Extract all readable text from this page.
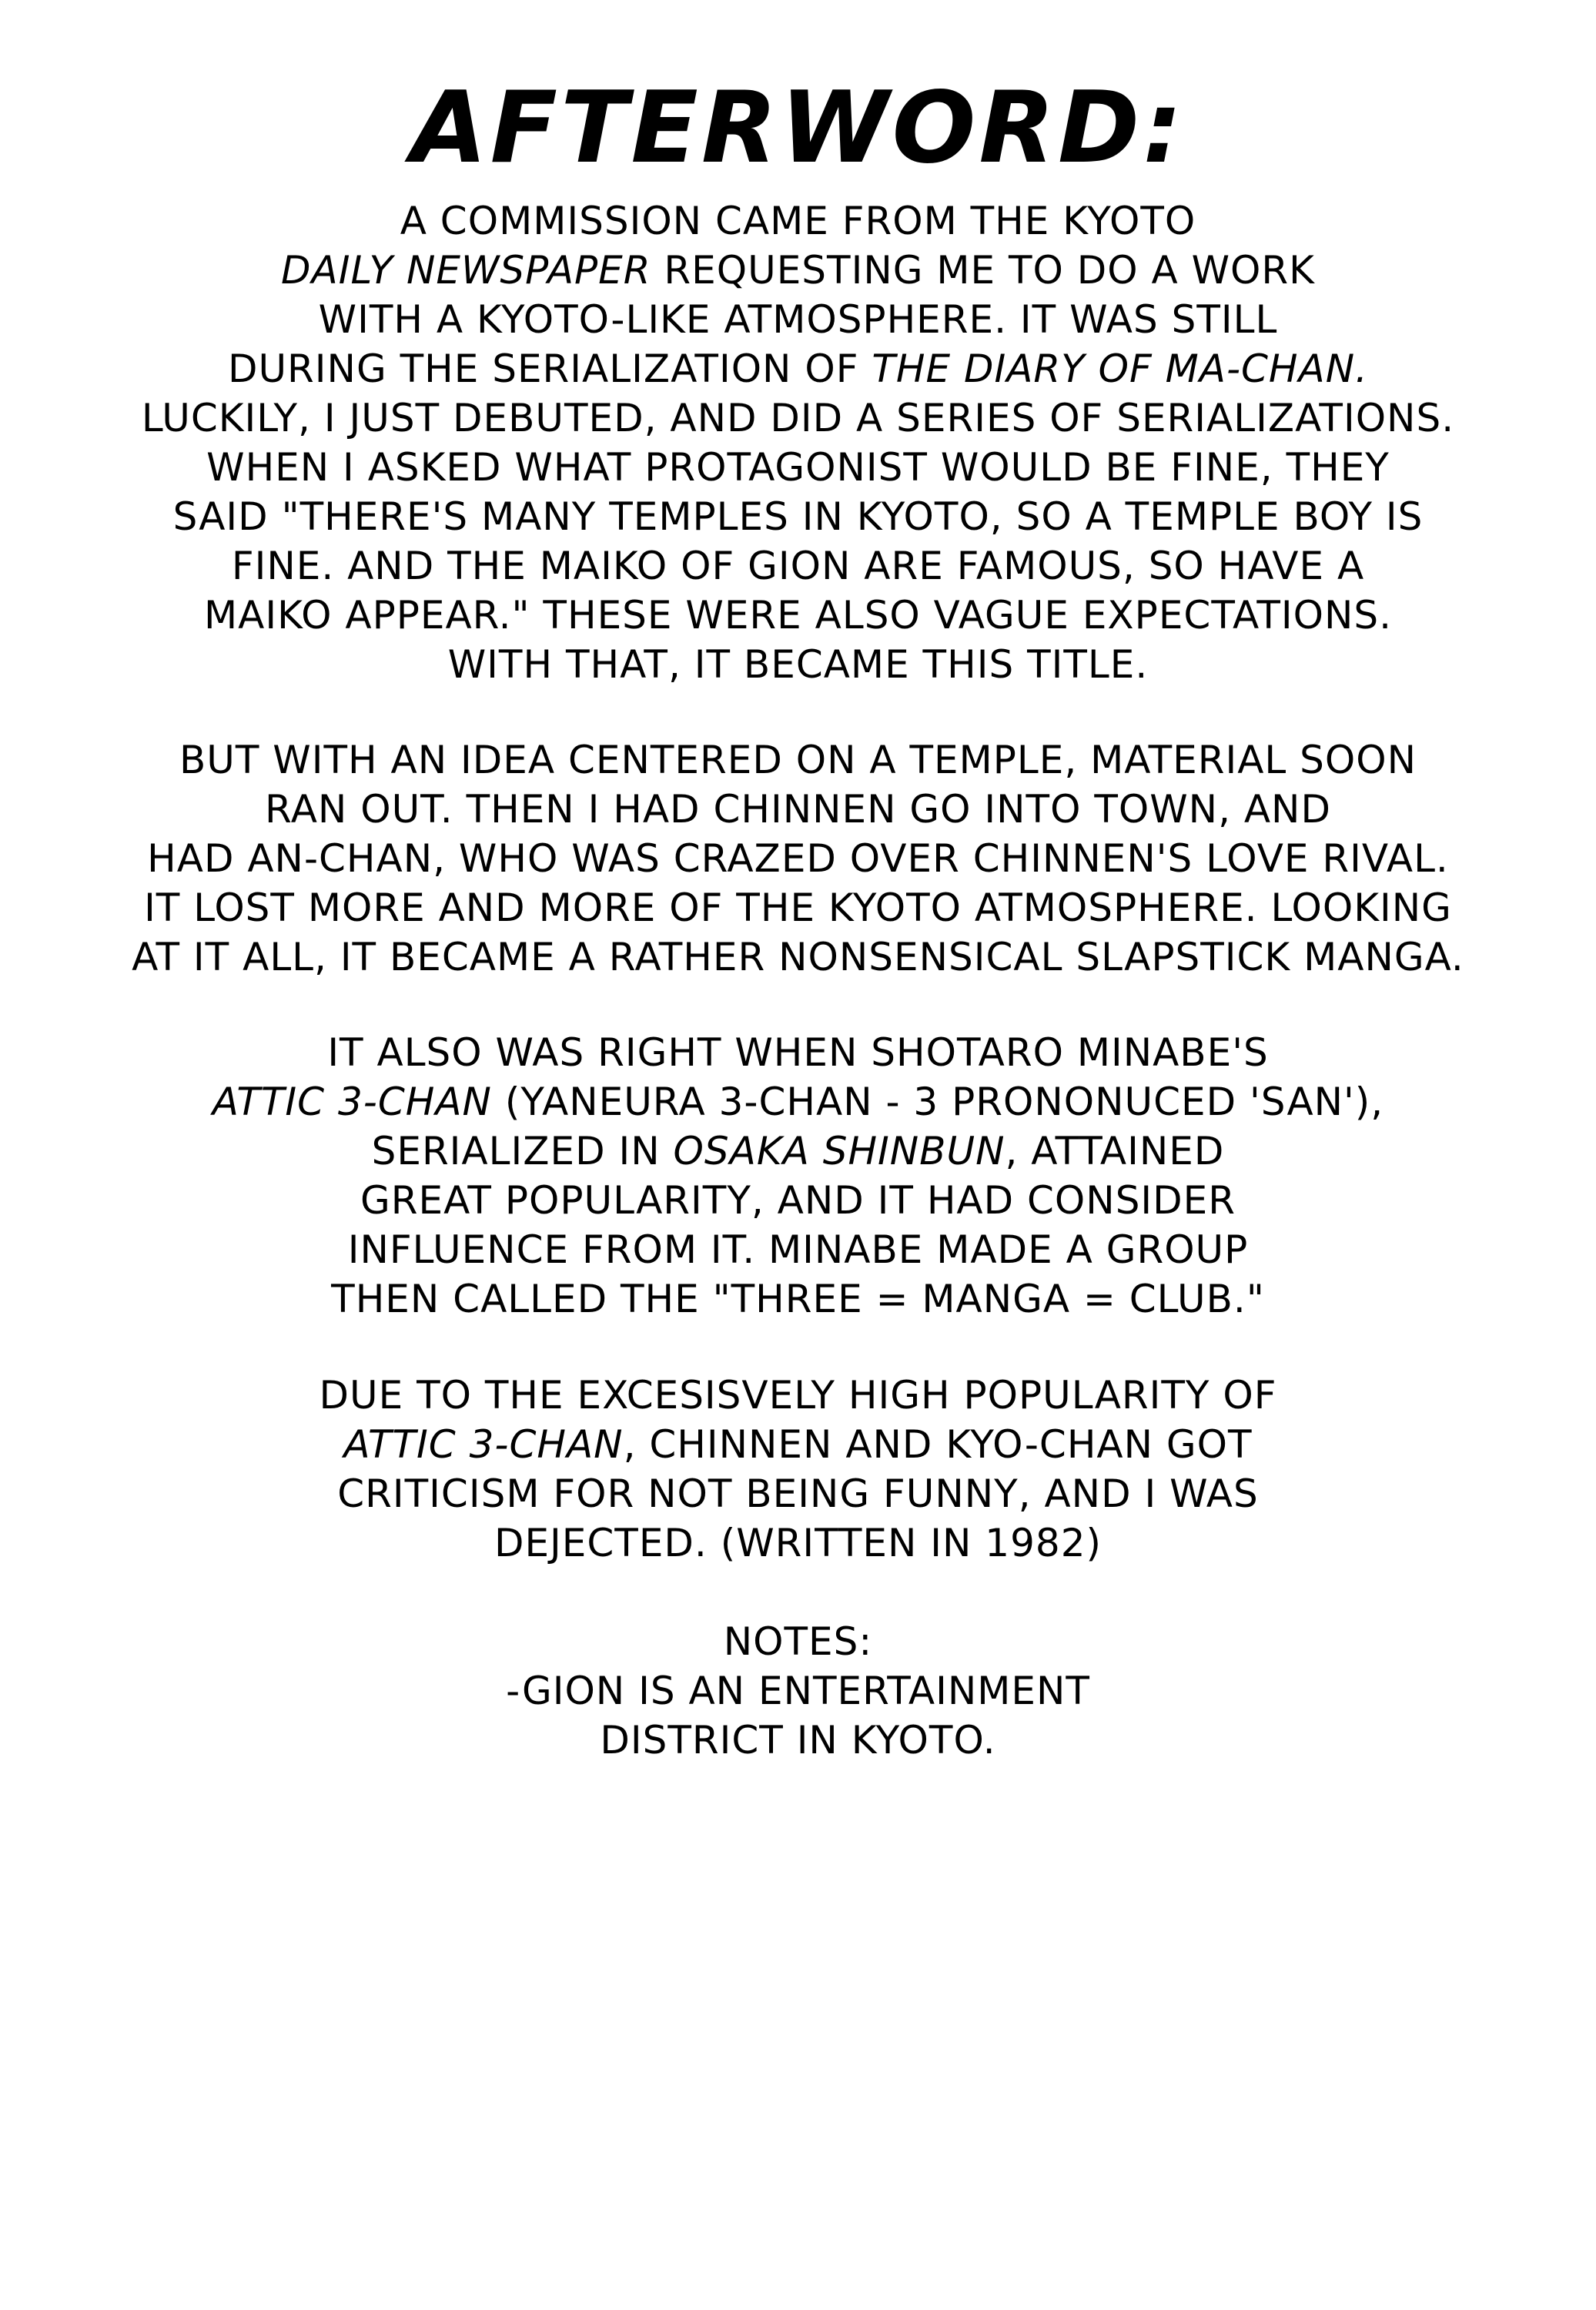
AFTERWORD:
A COMMISSION CAME FROM THE KYOTO
DAILY NEWSPAPER REQUESTING ME TO DO A WORK
WITH A KYOTO-LIKE ATMOSPHERE. IT WAS STILL
DURING THE SERIALIZATION OF THE DIARY OF MA-CHAN.
LUCKILY, I JUST DEBUTED, AND DID A SERIES OF SERIALIZATIONS.
WHEN I ASKED WHAT PROTAGONIST WOULD BE FINE, THEY
SAID "THERE'S MANY TEMPLES IN KYOTO, SO A TEMPLE BOY IS
FINE. AND THE MAIKO OF GION ARE FAMOUS, SO HAVE A
MAIKO APPEAR." THESE WERE ALSO VAGUE EXPECTATIONS.
WITH THAT, IT BECAME THIS TITLE.
BUT WITH AN IDEA CENTERED ON A TEMPLE, MATERIAL SOON
RAN OUT. THEN I HAD CHINNEN GO INTO TOWN, AND
HAD AN-CHAN, WHO WAS CRAZED OVER CHINNEN'S LOVE RIVAL.
IT LOST MORE AND MORE OF THE KYOTO ATMOSPHERE. LOOKING
AT IT ALL, IT BECAME A RATHER NONSENSICAL SLAPSTICK MANGA.
IT ALSO WAS RIGHT WHEN SHOTARO MINABE'S
ATTIC 3-CHAN (YANEURA 3-CHAN - 3 PRONONUCED 'SAN'),
SERIALIZED IN OSAKA SHINBUN, ATTAINED
GREAT POPULARITY, AND IT HAD CONSIDER
INFLUENCE FROM IT. MINABE MADE A GROUP
THEN CALLED THE "THREE = MANGA = CLUB."
DUE TO THE EXCESISVELY HIGH POPULARITY OF
ATTIC 3-CHAN, CHINNEN AND KYO-CHAN GOT
CRITICISM FOR NOT BEING FUNNY, AND I WAS
DEJECTED. (WRITTEN IN 1982)
NOTES:
-GION IS AN ENTERTAINMENT
DISTRICT IN KYOTO.
